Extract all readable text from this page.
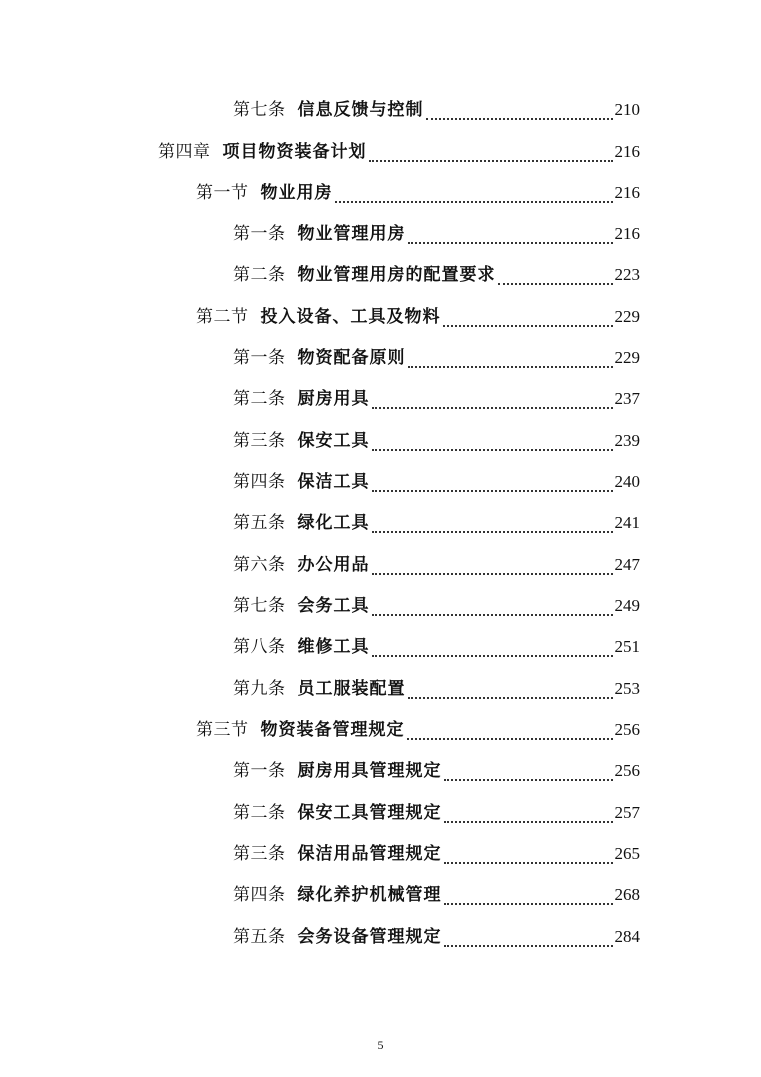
第七条 信息反馈与控制	210
第四章 项目物资装备计划	216
第一节 物业用房	216
第一条 物业管理用房	216
第二条 物业管理用房的配置要求	223
第二节 投入设备、工具及物料	229
第一条 物资配备原则	229
第二条 厨房用具	237
第三条 保安工具	239
第四条 保洁工具	240
第五条 绿化工具	241
第六条 办公用品	247
第七条 会务工具	249
第八条 维修工具	251
第九条 员工服装配置	253
第三节 物资装备管理规定	256
第一条 厨房用具管理规定	256
第二条 保安工具管理规定	257
第三条 保洁用品管理规定	265
第四条 绿化养护机械管理	268
第五条 会务设备管理规定	284
5
